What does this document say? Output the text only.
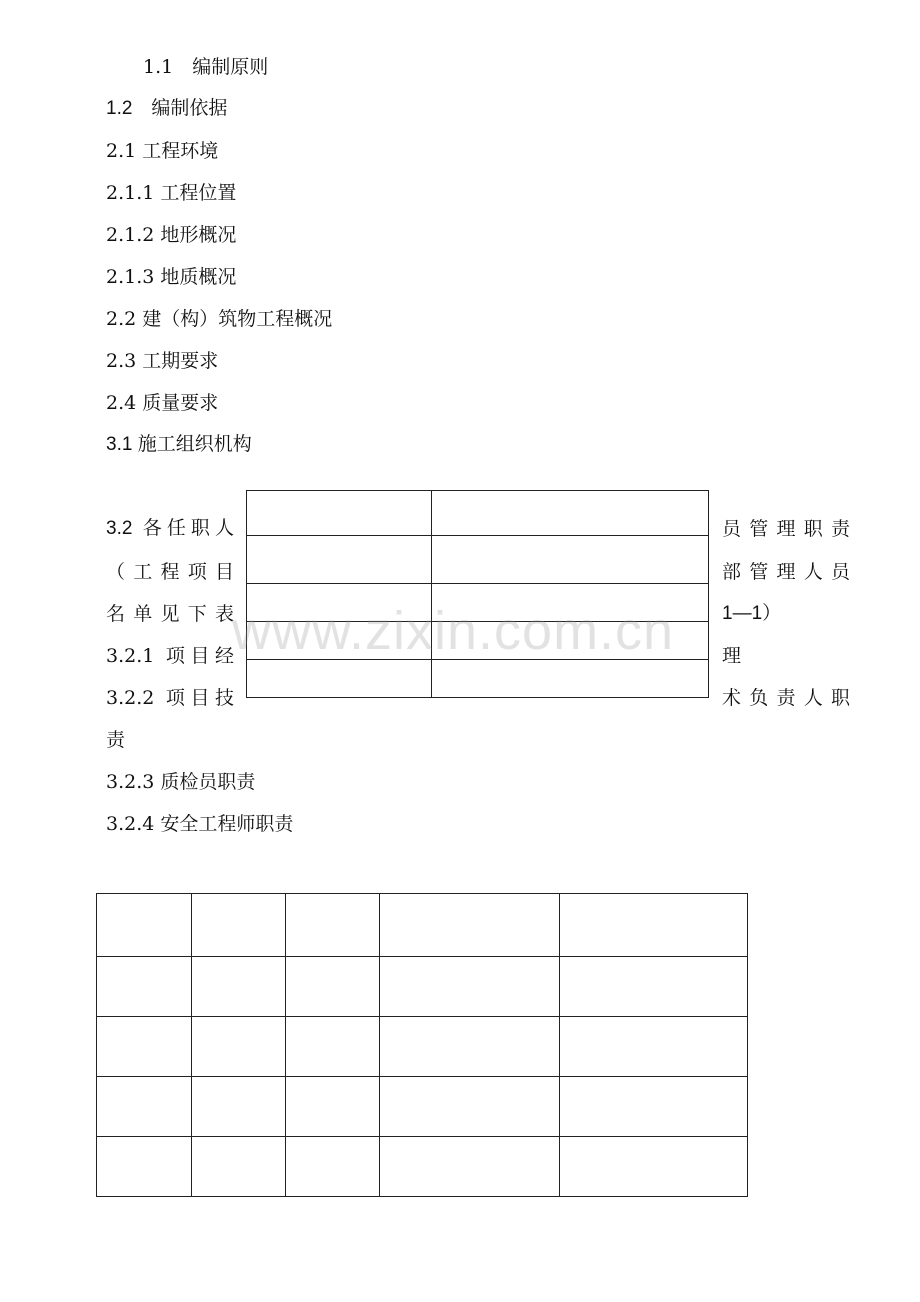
1.1　编制原则
1.2　编制依据
2.1 工程环境
2.1.1 工程位置
2.1.2 地形概况
2.1.3 地质概况
2.2 建（构）筑物工程概况
2.3 工期要求
2.4 质量要求
3.1 施工组织机构
3.2 各任职人
（工程项目
名单见下表
3.2.1 项目经
3.2.2 项目技
员管理职责
部管理人员
1—1）
理
术负责人职
责

3.2.3 质检员职责
3.2.4 安全工程师职责

www.zixin.com.cn
